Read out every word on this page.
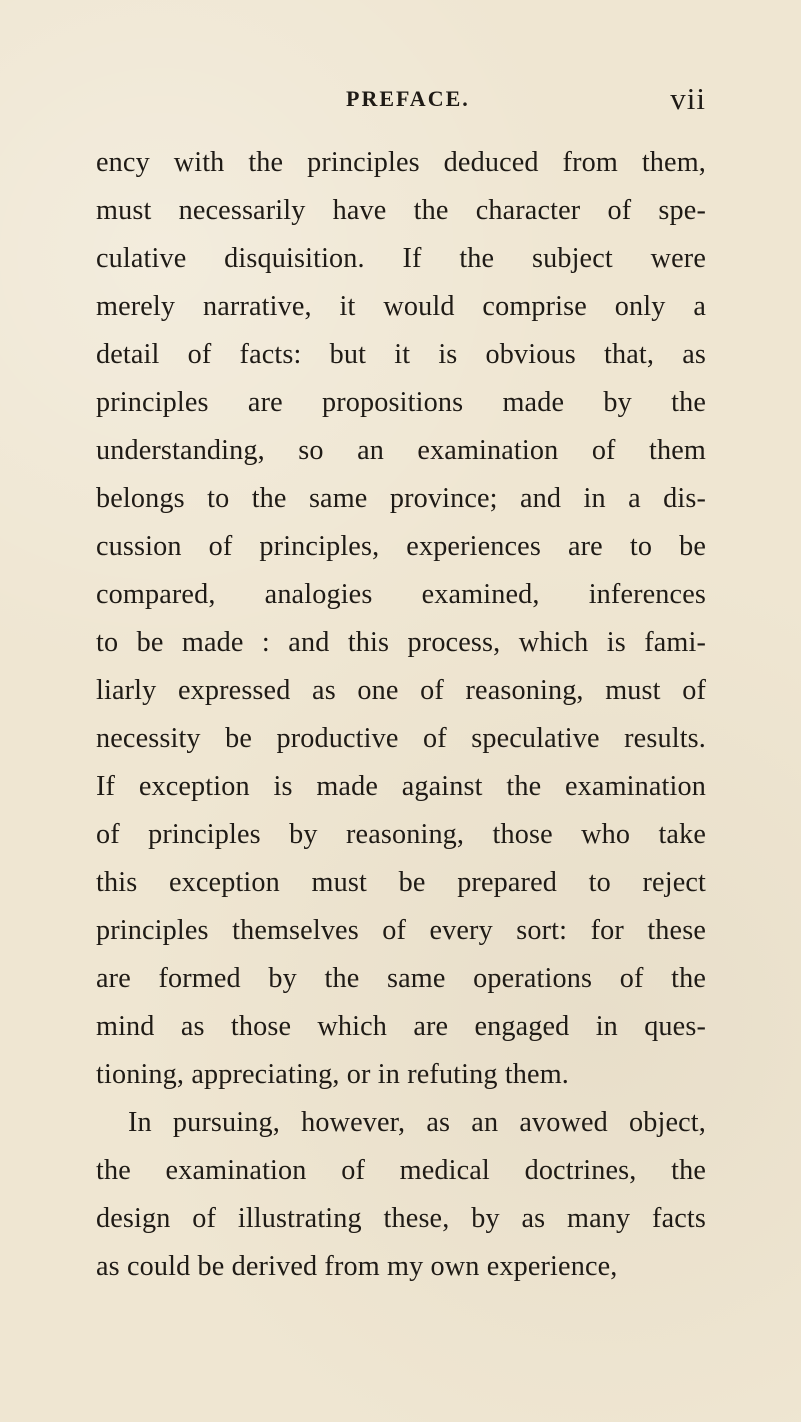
PREFACE.	vii
ency with the principles deduced from them,
must necessarily have the character of spe-
culative disquisition. If the subject were
merely narrative, it would comprise only a
detail of facts: but it is obvious that, as
principles are propositions made by the
understanding, so an examination of them
belongs to the same province; and in a dis-
cussion of principles, experiences are to be
compared, analogies examined, inferences
to be made : and this process, which is fami-
liarly expressed as one of reasoning, must of
necessity be productive of speculative results.
If exception is made against the examination
of principles by reasoning, those who take
this exception must be prepared to reject
principles themselves of every sort: for these
are formed by the same operations of the
mind as those which are engaged in ques-
tioning, appreciating, or in refuting them.
In pursuing, however, as an avowed object,
the examination of medical doctrines, the
design of illustrating these, by as many facts
as could be derived from my own experience,
